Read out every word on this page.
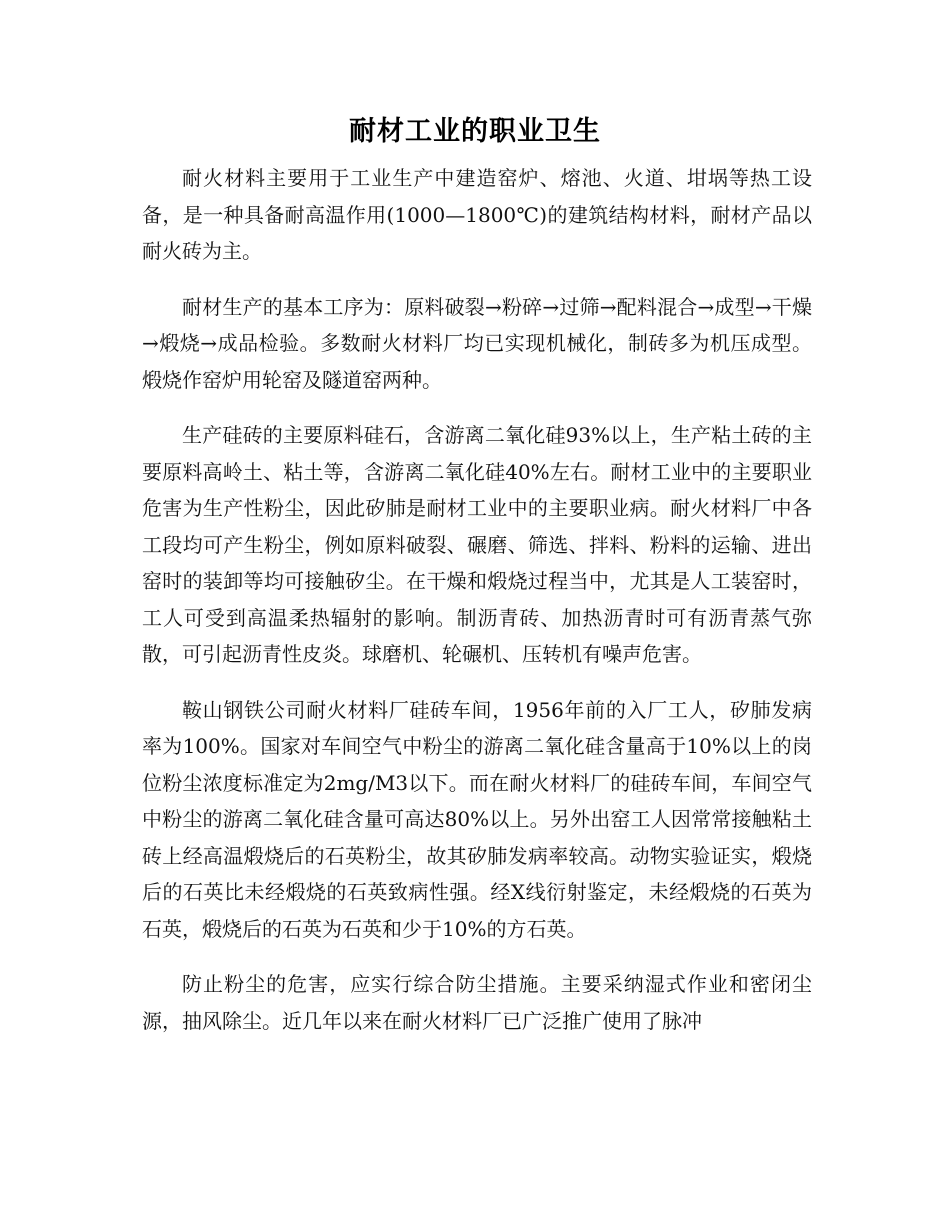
耐材工业的职业卫生

耐火材料主要用于工业生产中建造窑炉、熔池、火道、坩埚等热工设备，是一种具备耐高温作用(1000—1800℃)的建筑结构材料，耐材产品以耐火砖为主。

耐材生产的基本工序为：原料破裂→粉碎→过筛→配料混合→成型→干燥→煅烧→成品检验。多数耐火材料厂均已实现机械化，制砖多为机压成型。煅烧作窑炉用轮窑及隧道窑两种。

生产硅砖的主要原料硅石，含游离二氧化硅93%以上，生产粘土砖的主要原料高岭土、粘土等，含游离二氧化硅40%左右。耐材工业中的主要职业危害为生产性粉尘，因此矽肺是耐材工业中的主要职业病。耐火材料厂中各工段均可产生粉尘，例如原料破裂、碾磨、筛选、拌料、粉料的运输、进出窑时的装卸等均可接触矽尘。在干燥和煅烧过程当中，尤其是人工装窑时，工人可受到高温柔热辐射的影响。制沥青砖、加热沥青时可有沥青蒸气弥散，可引起沥青性皮炎。球磨机、轮碾机、压转机有噪声危害。

鞍山钢铁公司耐火材料厂硅砖车间，1956年前的入厂工人，矽肺发病率为100%。国家对车间空气中粉尘的游离二氧化硅含量高于10%以上的岗位粉尘浓度标准定为2mg/M3以下。而在耐火材料厂的硅砖车间，车间空气中粉尘的游离二氧化硅含量可高达80%以上。另外出窑工人因常常接触粘土砖上经高温煅烧后的石英粉尘，故其矽肺发病率较高。动物实验证实，煅烧后的石英比未经煅烧的石英致病性强。经X线衍射鉴定，未经煅烧的石英为石英，煅烧后的石英为石英和少于10%的方石英。

防止粉尘的危害，应实行综合防尘措施。主要采纳湿式作业和密闭尘源，抽风除尘。近几年以来在耐火材料厂已广泛推广使用了脉冲
